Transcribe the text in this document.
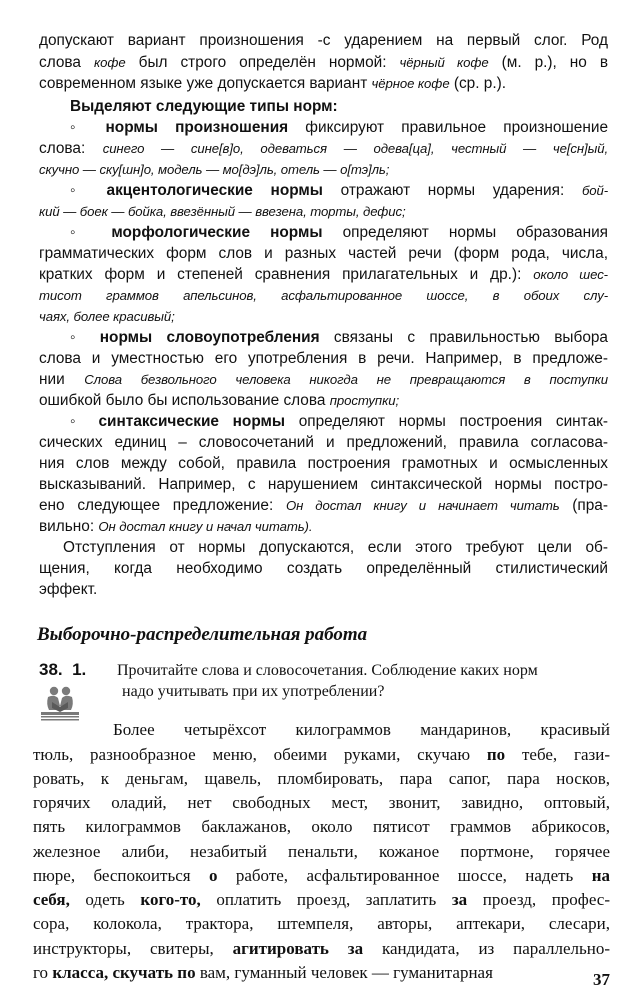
допускают вариант произношения -с ударением на первый слог. Род
слова кофе был строго определён нормой: чёрный кофе (м. р.), но в
современном языке уже допускается вариант чёрное кофе (ср. р.).
Выделяют следующие типы норм:
◦ нормы произношения фиксируют правильное произношение
слова: синего — сине[в]о, одеваться — одева[ца], честный — че[сн]ый,
скучно — ску[шн]о, модель — мо[дэ]ль, отель — о[тэ]ль;
◦ акцентологические нормы отражают нормы ударения: бой-
кий — боек — бойка, ввезённый — ввезена, торты, дефис;
◦ морфологические нормы определяют нормы образования
грамматических форм слов и разных частей речи (форм рода, числа,
кратких форм и степеней сравнения прилагательных и др.): около шес-
тисот граммов апельсинов, асфальтированное шоссе, в обоих слу-
чаях, более красивый;
◦ нормы словоупотребления связаны с правильностью выбора
слова и уместностью его употребления в речи. Например, в предложе-
нии Слова безвольного человека никогда не превращаются в поступки
ошибкой было бы использование слова проступки;
◦ синтаксические нормы определяют нормы построения синтак-
сических единиц – словосочетаний и предложений, правила согласова-
ния слов между собой, правила построения грамотных и осмысленных
высказываний. Например, с нарушением синтаксической нормы постро-
ено следующее предложение: Он достал книгу и начинает читать (пра-
вильно: Он достал книгу и начал читать).
Отступления от нормы допускаются, если этого требуют цели об-
щения, когда необходимо создать определённый стилистический
эффект.
Выборочно-распределительная работа
38. 1. Прочитайте слова и словосочетания. Соблюдение каких норм
надо учитывать при их употреблении?
Более четырёхсот килограммов мандаринов, красивый
тюль, разнообразное меню, обеими руками, скучаю по тебе, гази-
ровать, к деньгам, щавель, пломбировать, пара сапог, пара носков,
горячих оладий, нет свободных мест, звонит, завидно, оптовый,
пять килограммов баклажанов, около пятисот граммов абрикосов,
железное алиби, незабитый пенальти, кожаное портмоне, горячее
пюре, беспокоиться о работе, асфальтированное шоссе, надеть на
себя, одеть кого-то, оплатить проезд, заплатить за проезд, профес-
сора, колокола, трактора, штемпеля, авторы, аптекари, слесари,
инструкторы, свитеры, агитировать за кандидата, из параллельно-
го класса, скучать по вам, гуманный человек — гуманитарная	37
